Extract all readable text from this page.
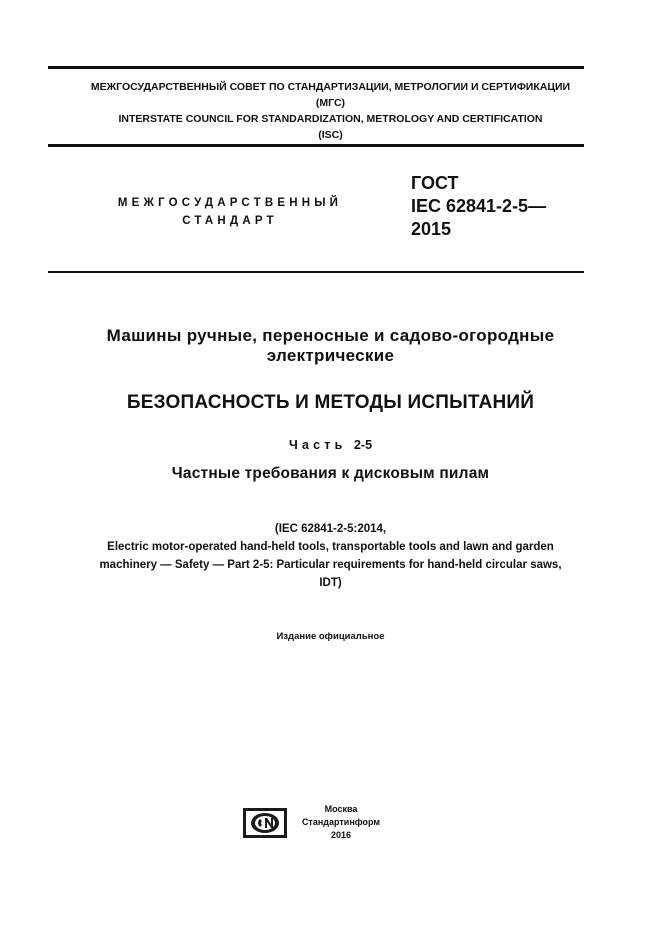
МЕЖГОСУДАРСТВЕННЫЙ СОВЕТ ПО СТАНДАРТИЗАЦИИ, МЕТРОЛОГИИ И СЕРТИФИКАЦИИ
(МГС)
INTERSTATE COUNCIL FOR STANDARDIZATION, METROLOGY AND CERTIFICATION
(ISC)
МЕЖГОСУДАРСТВЕННЫЙ
СТАНДАРТ
ГОСТ
IEC 62841-2-5—
2015
Машины ручные, переносные и садово-огородные
электрические
БЕЗОПАСНОСТЬ И МЕТОДЫ ИСПЫТАНИЙ
Часть 2-5
Частные требования к дисковым пилам
(IEC 62841-2-5:2014,
Electric motor-operated hand-held tools, transportable tools and lawn and garden
machinery — Safety — Part 2-5: Particular requirements for hand-held circular saws,
IDT)
Издание официальное
Москва
Стандартинформ
2016
